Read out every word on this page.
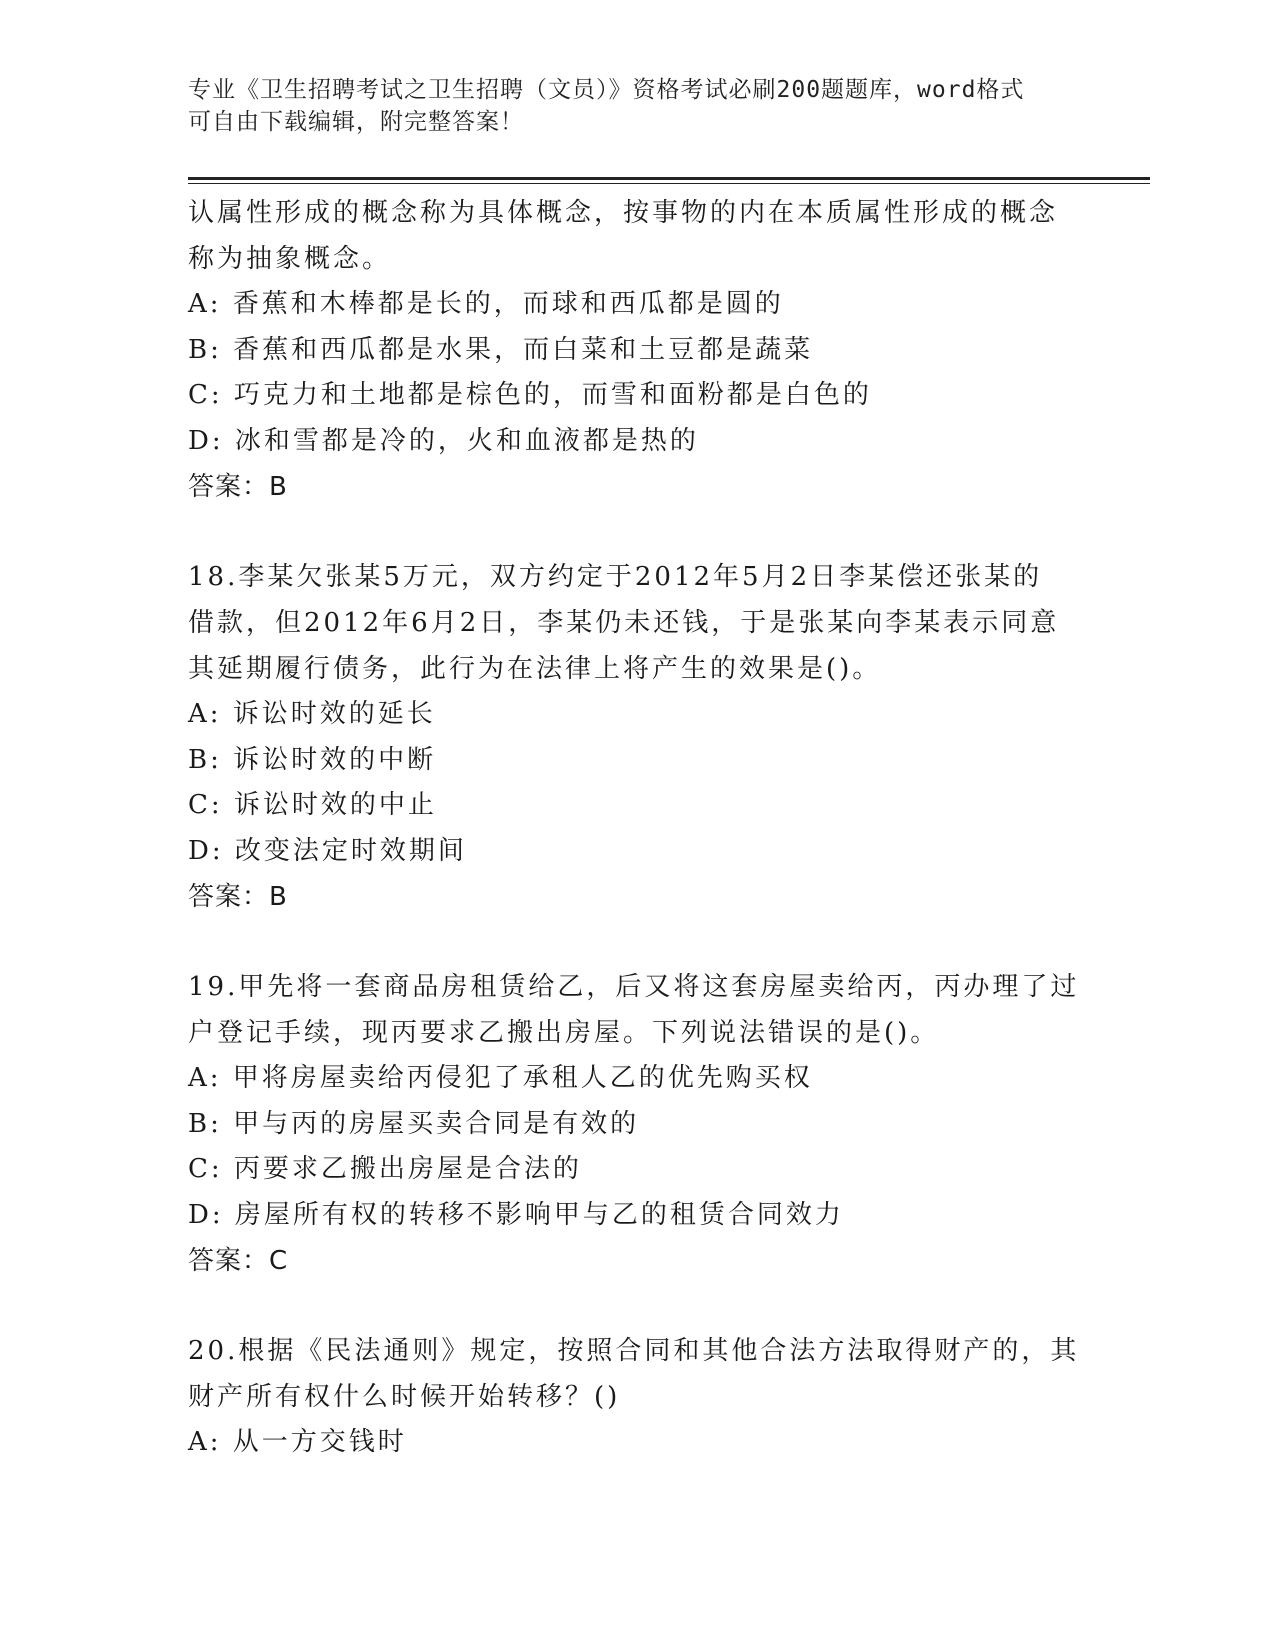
专业《卫生招聘考试之卫生招聘（文员）》资格考试必刷200题题库，word格式
可自由下载编辑，附完整答案！
认属性形成的概念称为具体概念，按事物的内在本质属性形成的概念
称为抽象概念。
A: 香蕉和木棒都是长的，而球和西瓜都是圆的
B: 香蕉和西瓜都是水果，而白菜和土豆都是蔬菜
C: 巧克力和土地都是棕色的，而雪和面粉都是白色的
D: 冰和雪都是冷的，火和血液都是热的
答案：B
18.李某欠张某5万元，双方约定于2012年5月2日李某偿还张某的
借款，但2012年6月2日，李某仍未还钱，于是张某向李某表示同意
其延期履行债务，此行为在法律上将产生的效果是()。
A: 诉讼时效的延长
B: 诉讼时效的中断
C: 诉讼时效的中止
D: 改变法定时效期间
答案：B
19.甲先将一套商品房租赁给乙，后又将这套房屋卖给丙，丙办理了过
户登记手续，现丙要求乙搬出房屋。下列说法错误的是()。
A: 甲将房屋卖给丙侵犯了承租人乙的优先购买权
B: 甲与丙的房屋买卖合同是有效的
C: 丙要求乙搬出房屋是合法的
D: 房屋所有权的转移不影响甲与乙的租赁合同效力
答案：C
20.根据《民法通则》规定，按照合同和其他合法方法取得财产的，其
财产所有权什么时候开始转移？()
A: 从一方交钱时
